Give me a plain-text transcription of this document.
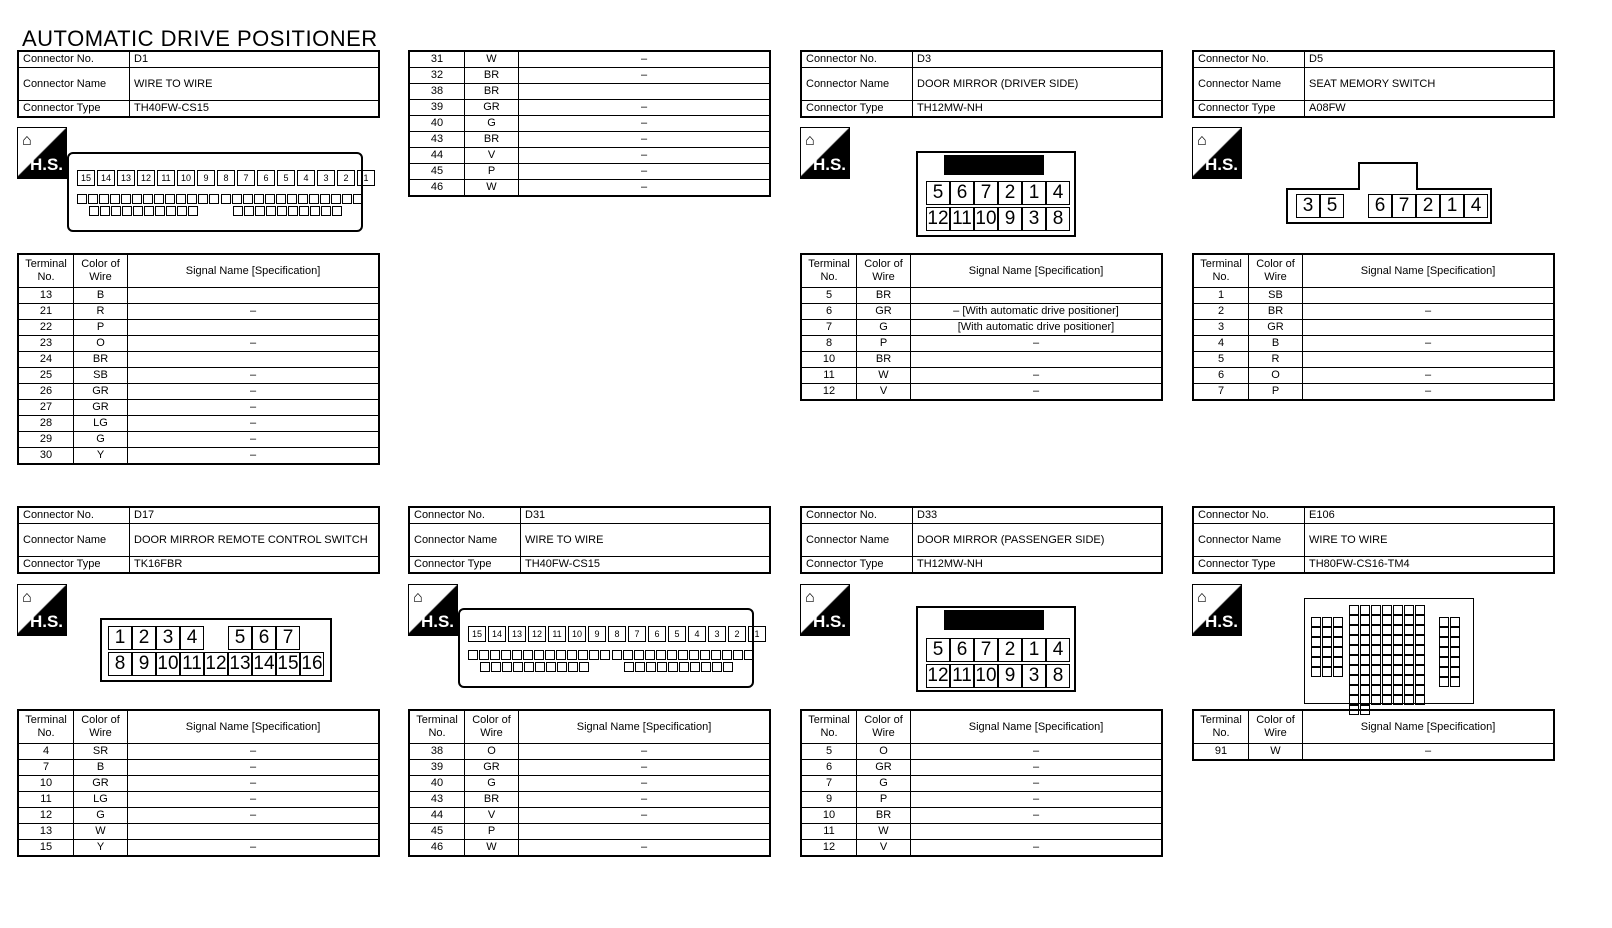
AUTOMATIC DRIVE POSITIONER
Connector No.	D1
Connector Name	WIRE TO WIRE
Connector Type	TH40FW-CS15
⌂
H.S.
15	14	13	12	11	10	9	8	7	6	5	4	3	2	1
Terminal No.	Color of Wire	Signal Name [Specification]
13	B	
21	R	–
22	P	
23	O	–
24	BR	
25	SB	–
26	GR	–
27	GR	–
28	LG	–
29	G	–
30	Y	–
31	W	–
32	BR	–
38	BR	
39	GR	–
40	G	–
43	BR	–
44	V	–
45	P	–
46	W	–
Connector No.	D3
Connector Name	DOOR MIRROR (DRIVER SIDE)
Connector Type	TH12MW-NH
⌂
H.S.
5 6 7 2 1 4
12 11 10 9 3 8
Terminal No.	Color of Wire	Signal Name [Specification]
5	BR	
6	GR	– [With automatic drive positioner]
7	G	[With automatic drive positioner]
8	P	–
10	BR	
11	W	–
12	V	–
Connector No.	D5
Connector Name	SEAT MEMORY SWITCH
Connector Type	A08FW
⌂
H.S.
3 5	6 7 2 1 4
Terminal No.	Color of Wire	Signal Name [Specification]
1	SB	
2	BR	–
3	GR	
4	B	–
5	R	
6	O	–
7	P	–
Connector No.	D17
Connector Name	DOOR MIRROR REMOTE CONTROL SWITCH
Connector Type	TK16FBR
⌂
H.S.
1 2 3 4	5 6 7
8 9 10 11 12 13 14 15 16
Terminal No.	Color of Wire	Signal Name [Specification]
4	SR	–
7	B	–
10	GR	–
11	LG	–
12	G	–
13	W	
15	Y	–
Connector No.	D31
Connector Name	WIRE TO WIRE
Connector Type	TH40FW-CS15
⌂
H.S.
15	14	13	12	11	10	9	8	7	6	5	4	3	2	1
Terminal No.	Color of Wire	Signal Name [Specification]
38	O	–
39	GR	–
40	G	–
43	BR	–
44	V	–
45	P	
46	W	–
Connector No.	D33
Connector Name	DOOR MIRROR (PASSENGER SIDE)
Connector Type	TH12MW-NH
⌂
H.S.
5 6 7 2 1 4
12 11 10 9 3 8
Terminal No.	Color of Wire	Signal Name [Specification]
5	O	–
6	GR	–
7	G	–
9	P	–
10	BR	–
11	W	
12	V	–
Connector No.	E106
Connector Name	WIRE TO WIRE
Connector Type	TH80FW-CS16-TM4
⌂
H.S.
Terminal No.	Color of Wire	Signal Name [Specification]
91	W	–
